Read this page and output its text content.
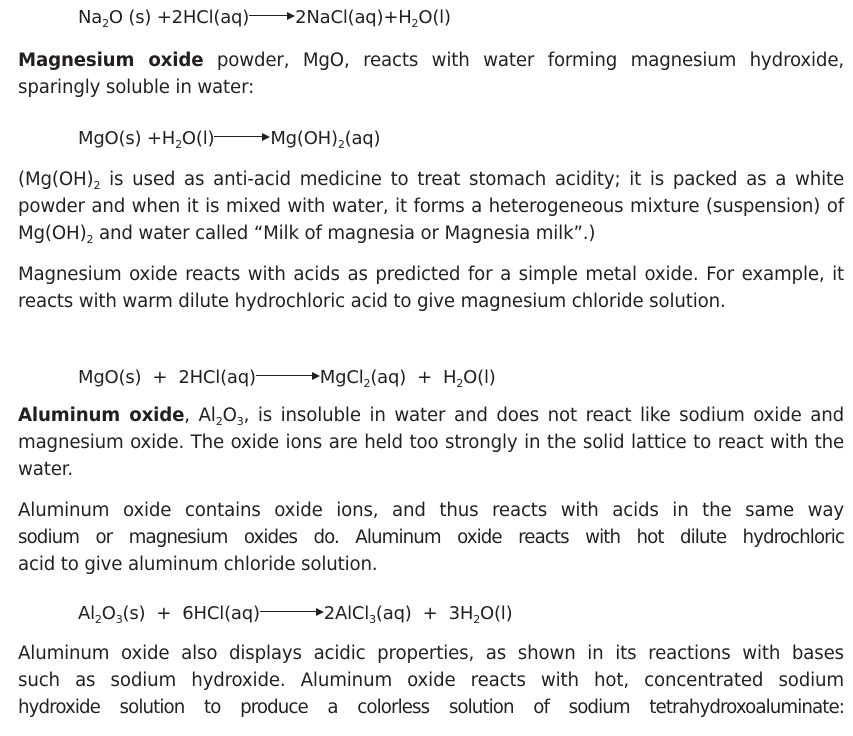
$Na_2O$ (s) +2HCl(aq)	$2NaCl(aq)+H_2O(l)$
Magnesium oxide powder, MgO, reacts with water forming magnesium hydroxide, sparingly soluble in water:
$MgO(s) +H_2O(l)$	$Mg(OH)_2(aq)$
($Mg(OH)_2$ is used as anti-acid medicine to treat stomach acidity; it is packed as a white powder and when it is mixed with water, it forms a heterogeneous mixture (suspension) of $Mg(OH)_2$ and water called “Milk of magnesia or Magnesia milk”.)
Magnesium oxide reacts with acids as predicted for a simple metal oxide. For example, it reacts with warm dilute hydrochloric acid to give magnesium chloride solution.
MgO(s)  +  2HCl(aq)	MgCl$_2$(aq)  +  $H_2O(l)$
Aluminum oxide, $Al_2O_3$, is insoluble in water and does not react like sodium oxide and magnesium oxide. The oxide ions are held too strongly in the solid lattice to react with the water.
Aluminum oxide contains oxide ions, and thus reacts with acids in the same way
sodium or magnesium oxides do. Aluminum oxide reacts with hot dilute hydrochloric
acid to give aluminum chloride solution.
$Al_2O_3(s) + 6HCl(aq)$	2AlCl$_3$(aq)  +  $3H_2O(l)$
Aluminum oxide also displays acidic properties, as shown in its reactions with bases
such as sodium hydroxide. Aluminum oxide reacts with hot, concentrated sodium
hydroxide solution to produce a colorless solution of sodium tetrahydroxoaluminate:
